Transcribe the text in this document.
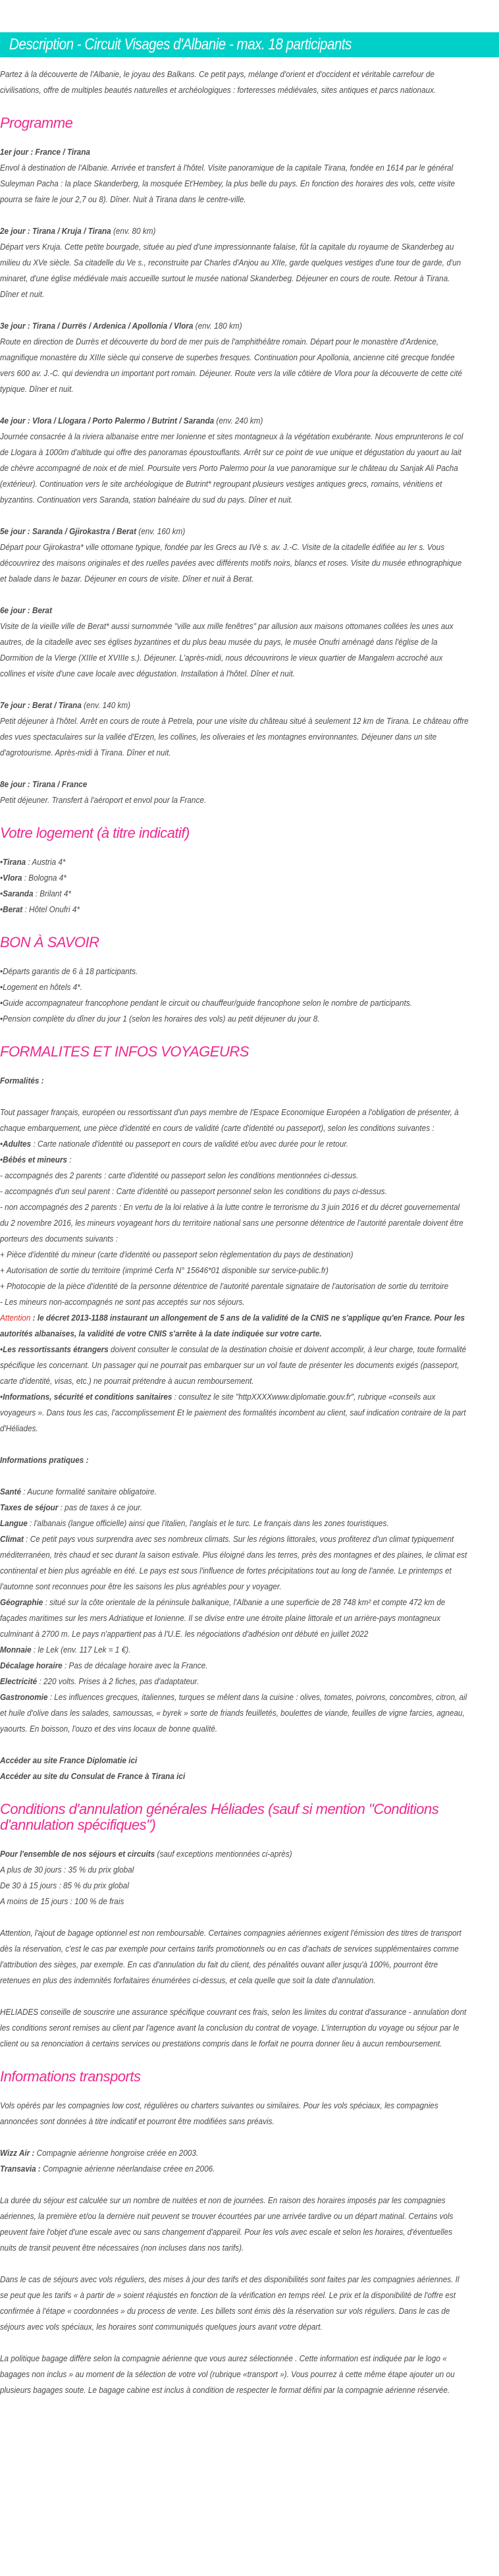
Description - Circuit Visages d'Albanie - max. 18 participants

Partez à la découverte de l'Albanie, le joyau des Balkans. Ce petit pays, mélange d'orient et d'occident et véritable carrefour de civilisations, offre de multiples beautés naturelles et archéologiques : forteresses médiévales, sites antiques et parcs nationaux.

Programme
1er jour : France / Tirana

Envol à destination de l'Albanie. Arrivée et transfert à l'hôtel. Visite panoramique de la capitale Tirana, fondée en 1614 par le général Suleyman Pacha : la place Skanderberg, la mosquée Et'Hembey, la plus belle du pays. En fonction des horaires des vols, cette visite pourra se faire le jour 2,7 ou 8). Dîner. Nuit à Tirana dans le centre-ville.

2e jour : Tirana / Kruja / Tirana (env. 80 km)

Départ vers Kruja. Cette petite bourgade, située au pied d'une impressionnante falaise, fût la capitale du royaume de Skanderbeg au milieu du XVe siècle. Sa citadelle du Ve s., reconstruite par Charles d'Anjou au XIIe, garde quelques vestiges d'une tour de garde, d'un minaret, d'une église médiévale mais accueille surtout le musée national Skanderbeg. Déjeuner en cours de route. Retour à Tirana. Dîner et nuit.

3e jour : Tirana / Durrës / Ardenica / Apollonia / Vlora (env. 180 km)

Route en direction de Durrës et découverte du bord de mer puis de l'amphithéâtre romain. Départ pour le monastère d'Ardenice, magnifique monastère du XIIIe siècle qui conserve de superbes fresques. Continuation pour Apollonia, ancienne cité grecque fondée vers 600 av. J.-C. qui deviendra un important port romain. Déjeuner. Route vers la ville côtière de Vlora pour la découverte de cette cité typique. Dîner et nuit.

4e jour : Vlora / Llogara / Porto Palermo / Butrint / Saranda (env. 240 km)

Journée consacrée à la riviera albanaise entre mer Ionienne et sites montagneux à la végétation exubérante. Nous emprunterons le col de Llogara à 1000m d'altitude qui offre des panoramas époustouflants. Arrêt sur ce point de vue unique et dégustation du yaourt au lait de chèvre accompagné de noix et de miel. Poursuite vers Porto Palermo pour la vue panoramique sur le château du Sanjak Ali Pacha (extérieur). Continuation vers le site archéologique de Butrint* regroupant plusieurs vestiges antiques grecs, romains, vénitiens et byzantins. Continuation vers Saranda, station balnéaire du sud du pays. Dîner et nuit.

5e jour : Saranda / Gjirokastra / Berat (env. 160 km)

Départ pour Gjirokastra* ville ottomane typique, fondée par les Grecs au IVè s. av. J.-C. Visite de la citadelle édifiée au Ier s. Vous découvrirez des maisons originales et des ruelles pavées avec différents motifs noirs, blancs et roses. Visite du musée ethnographique et balade dans le bazar. Déjeuner en cours de visite. Dîner et nuit à Berat.

6e jour : Berat

Visite de la vieille ville de Berat* aussi surnommée "ville aux mille fenêtres" par allusion aux maisons ottomanes collées les unes aux autres, de la citadelle avec ses églises byzantines et du plus beau musée du pays, le musée Onufri aménagé dans l'église de la Dormition de la Vierge (XIIIe et XVIIIe s.). Déjeuner. L'après-midi, nous découvrirons le vieux quartier de Mangalem accroché aux collines et visite d'une cave locale avec dégustation. Installation à l'hôtel. Dîner et nuit.

7e jour : Berat / Tirana (env. 140 km)

Petit déjeuner à l'hôtel. Arrêt en cours de route à Petrela, pour une visite du château situé à seulement 12 km de Tirana. Le château offre des vues spectaculaires sur la vallée d'Erzen, les collines, les oliveraies et les montagnes environnantes. Déjeuner dans un site d'agrotourisme. Après-midi à Tirana. Dîner et nuit.

8e jour : Tirana / France

Petit déjeuner. Transfert à l'aéroport et envol pour la France.

Votre logement (à titre indicatif)
• Tirana : Austria 4*
• Vlora : Bologna 4*
• Saranda : Brilant 4*
• Berat : Hôtel Onufri 4*
BON À SAVOIR
• Départs garantis de 6 à 18 participants.
• Logement en hôtels 4*.
• Guide accompagnateur francophone pendant le circuit ou chauffeur/guide francophone selon le nombre de participants.
• Pension complète du dîner du jour 1 (selon les horaires des vols) au petit déjeuner du jour 8.
FORMALITES ET INFOS VOYAGEURS

Formalités :

Tout passager français, européen ou ressortissant d'un pays membre de l'Espace Economique Européen a l'obligation de présenter, à chaque embarquement, une pièce d'identité en cours de validité (carte d'identité ou passeport), selon les conditions suivantes :

• Adultes : Carte nationale d'identité ou passeport en cours de validité et/ou avec durée pour le retour.
• Bébés et mineurs :

- accompagnés des 2 parents : carte d'identité ou passeport selon les conditions mentionnées ci-dessus.

- accompagnés d'un seul parent : Carte d'identité ou passeport personnel selon les conditions du pays ci-dessus.

- non accompagnés des 2 parents : En vertu de la loi relative à la lutte contre le terrorisme du 3 juin 2016 et du décret gouvernemental du 2 novembre 2016, les mineurs voyageant hors du territoire national sans une personne détentrice de l'autorité parentale doivent être porteurs des documents suivants :

+ Pièce d'identité du mineur (carte d'identité ou passeport selon règlementation du pays de destination)

+ Autorisation de sortie du territoire (imprimé Cerfa N° 15646*01 disponible sur service-public.fr)

+ Photocopie de la pièce d'identité de la personne détentrice de l'autorité parentale signataire de l'autorisation de sortie du territoire

- Les mineurs non-accompagnés ne sont pas acceptés sur nos séjours.

Attention : le décret 2013-1188 instaurant un allongement de 5 ans de la validité de la CNIS ne s'applique qu'en France. Pour les autorités albanaises, la validité de votre CNIS s'arrête à la date indiquée sur votre carte.

• Les ressortissants étrangers doivent consulter le consulat de la destination choisie et doivent accomplir, à leur charge, toute formalité spécifique les concernant. Un passager qui ne pourrait pas embarquer sur un vol faute de présenter les documents exigés (passeport, carte d'identité, visas, etc.) ne pourrait prétendre à aucun remboursement.
• Informations, sécurité et conditions sanitaires : consultez le site "httpXXXXwww.diplomatie.gouv.fr", rubrique «conseils aux voyageurs ». Dans tous les cas, l'accomplissement Et le paiement des formalités incombent au client, sauf indication contraire de la part d'Héliades.

Informations pratiques :

Santé : Aucune formalité sanitaire obligatoire.

Taxes de séjour : pas de taxes à ce jour.

Langue : l'albanais (langue officielle) ainsi que l'italien, l'anglais et le turc. Le français dans les zones touristiques.

Climat : Ce petit pays vous surprendra avec ses nombreux climats. Sur les régions littorales, vous profiterez d'un climat typiquement méditerranéen, très chaud et sec durant la saison estivale. Plus éloigné dans les terres, près des montagnes et des plaines, le climat est continental et bien plus agréable en été. Le pays est sous l'influence de fortes précipitations tout au long de l'année. Le printemps et l'automne sont reconnues pour être les saisons les plus agréables pour y voyager.

Géographie : situé sur la côte orientale de la péninsule balkanique, l'Albanie a une superficie de 28 748 km² et compte 472 km de façades maritimes sur les mers Adriatique et Ionienne. Il se divise entre une étroite plaine littorale et un arrière-pays montagneux culminant à 2700 m. Le pays n'appartient pas à l'U.E. les négociations d'adhésion ont débuté en juillet 2022

Monnaie : le Lek (env. 117 Lek = 1 €).

Décalage horaire : Pas de décalage horaire avec la France.

Electricité : 220 volts. Prises à 2 fiches, pas d'adaptateur.

Gastronomie : Les influences grecques, italiennes, turques se mêlent dans la cuisine : olives, tomates, poivrons, concombres, citron, ail et huile d'olive dans les salades, samoussas, « byrek » sorte de friands feuilletés, boulettes de viande, feuilles de vigne farcies, agneau, yaourts. En boisson, l'ouzo et des vins locaux de bonne qualité.

Accéder au site France Diplomatie ici

Accéder au site du Consulat de France à Tirana ici

Conditions d'annulation générales Héliades (sauf si mention "Conditions d'annulation spécifiques")

Pour l'ensemble de nos séjours et circuits (sauf exceptions mentionnées ci-après)

A plus de 30 jours : 35 % du prix global

De 30 à 15 jours : 85 % du prix global

A moins de 15 jours : 100 % de frais

Attention, l'ajout de bagage optionnel est non remboursable. Certaines compagnies aériennes exigent l'émission des titres de transport dès la réservation, c'est le cas par exemple pour certains tarifs promotionnels ou en cas d'achats de services supplémentaires comme l'attribution des sièges, par exemple. En cas d'annulation du fait du client, des pénalités ouvant aller jusqu'à 100%, pourront être retenues en plus des indemnités forfaitaires énumérées ci-dessus, et cela quelle que soit la date d'annulation.

HELIADES conseille de souscrire une assurance spécifique couvrant ces frais, selon les limites du contrat d'assurance - annulation dont les conditions seront remises au client par l'agence avant la conclusion du contrat de voyage. L'interruption du voyage ou séjour par le client ou sa renonciation à certains services ou prestations compris dans le forfait ne pourra donner lieu à aucun remboursement.

Informations transports

Vols opérés par les compagnies low cost, régulières ou charters suivantes ou similaires. Pour les vols spéciaux, les compagnies annoncées sont données à titre indicatif et pourront être modifiées sans préavis.

Wizz Air : Compagnie aérienne hongroise créée en 2003.

Transavia : Compagnie aérienne néerlandaise créee en 2006.

La durée du séjour est calculée sur un nombre de nuitées et non de journées. En raison des horaires imposés par les compagnies aériennes, la première et/ou la dernière nuit peuvent se trouver écourtées par une arrivée tardive ou un départ matinal. Certains vols peuvent faire l'objet d'une escale avec ou sans changement d'appareil. Pour les vols avec escale et selon les horaires, d'éventuelles nuits de transit peuvent être nécessaires (non incluses dans nos tarifs).

Dans le cas de séjours avec vols réguliers, des mises à jour des tarifs et des disponibilités sont faites par les compagnies aériennes. Il se peut que les tarifs « à partir de » soient réajustés en fonction de la vérification en temps réel. Le prix et la disponibilité de l'offre est confirmée à l'étape « coordonnées » du process de vente. Les billets sont émis dès la réservation sur vols réguliers. Dans le cas de séjours avec vols spéciaux, les horaires sont communiqués quelques jours avant votre départ.

La politique bagage diffère selon la compagnie aérienne que vous aurez sélectionnée . Cette information est indiquée par le logo « bagages non inclus » au moment de la sélection de votre vol (rubrique «transport »). Vous pourrez à cette même étape ajouter un ou plusieurs bagages soute. Le bagage cabine est inclus à condition de respecter le format défini par la compagnie aérienne réservée.
